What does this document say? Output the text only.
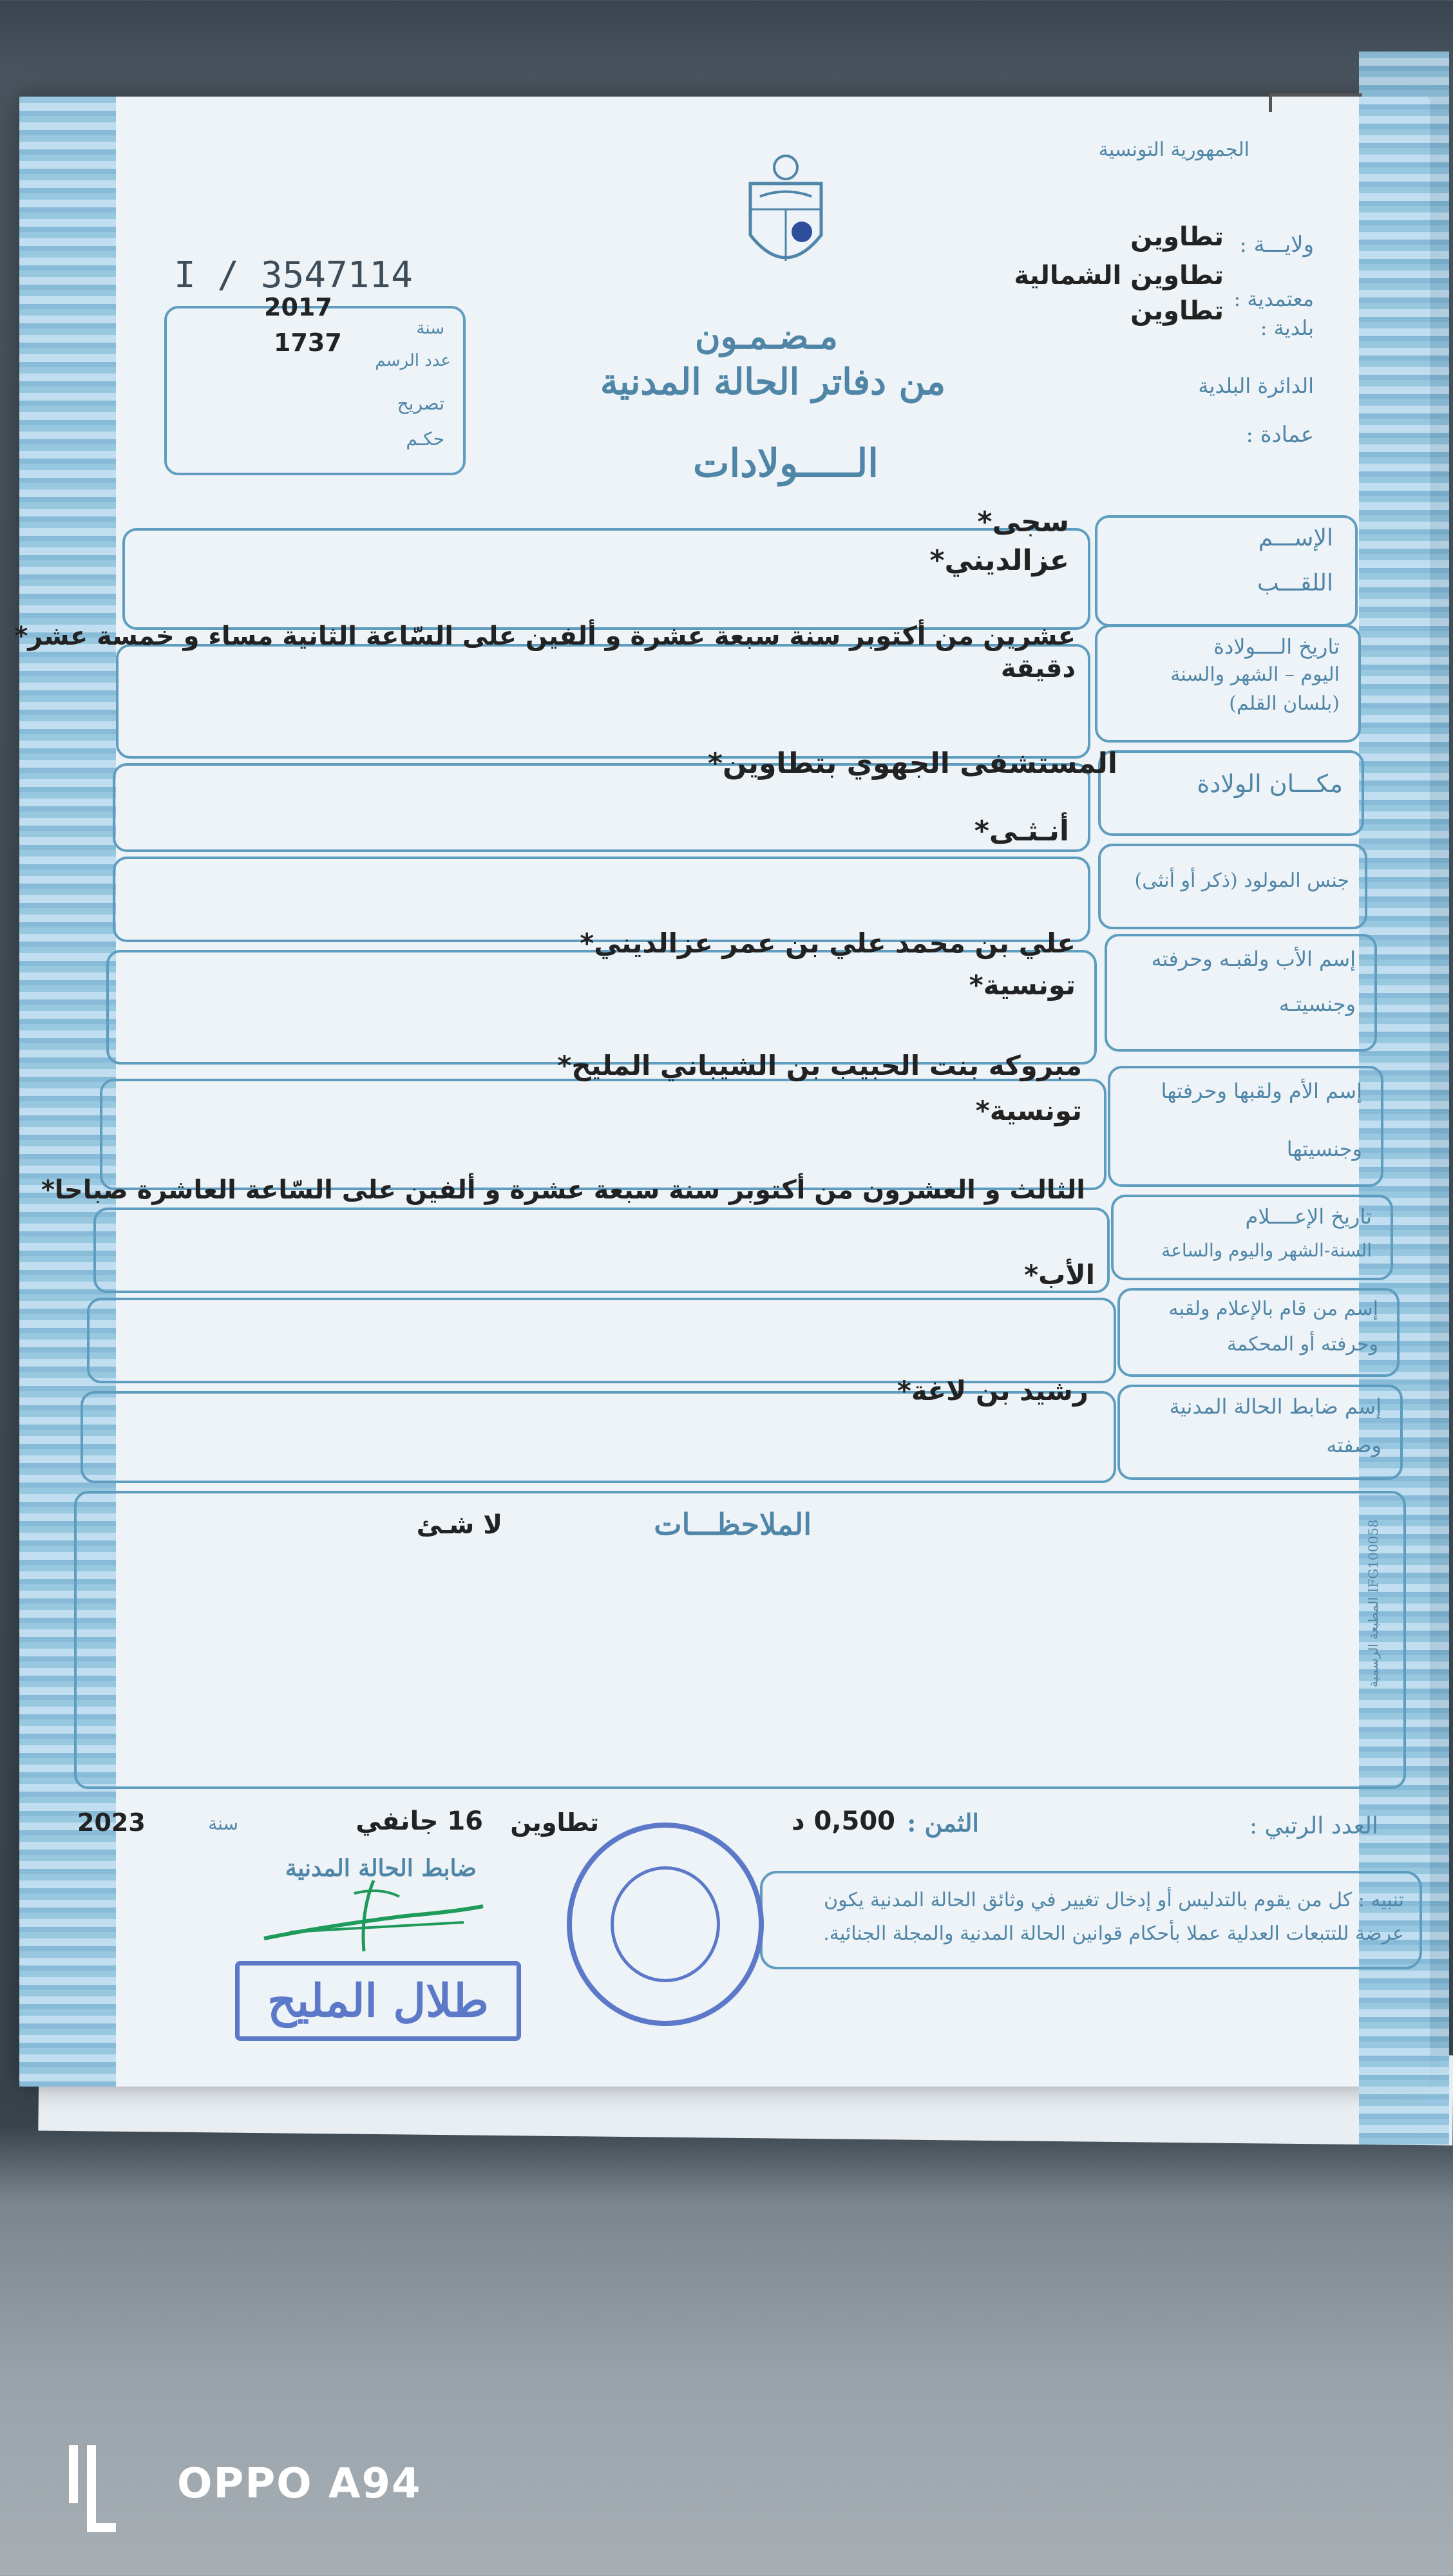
الجمهورية التونسية
ولايـــة :
تطاوين
معتمدية :
تطاوين الشمالية
بلدية :
تطاوين
الدائرة البلدية
عمادة :
مـضـمـون
من دفاتر الحالة المدنية
الـــــولادات
I / 3547114
2017
سنة
1737
عدد الرسم
تصريح
حكـم
الإســـم
اللقـــب
سجى*
عزالديني*
تاريخ الــــولادة
اليوم – الشهر والسنة
(بلسان القلم)
عشرين من أكتوبر سنة سبعة عشرة و ألفين على السّاعة الثانية مساء و خمسة عشر*
دقيقة
مكـــان الولادة
المستشفى الجهوي بتطاوين*
جنس المولود (ذكر أو أنثى)
أنـثـى*
إسم الأب ولقبـه وحرفته
وجنسيتـه
علي بن محمد علي بن عمر عزالديني*
تونسية*
إسم الأم ولقبها وحرفتها
وجنسيتها
مبروكه بنت الحبيب بن الشيباني المليح*
تونسية*
تاريخ الإعــــلام
السنة-الشهر واليوم والساعة
الثالث و العشرون من أكتوبر سنة سبعة عشرة و ألفين على السّاعة العاشرة صباحا*
إسم من قام بالإعلام ولقبه
وحرفته أو المحكمة
الأب*
إسم ضابط الحالة المدنية
وصفته
رشيد بن لاغة*
الملاحظـــات
لا شـئ
المطبعة الرسمية IFG100058
العدد الرتبي :
الثمن :
0,500 د
تطاوين
16 جانفي
سنة
2023
ضابط الحالة المدنية
تنبيه : كل من يقوم بالتدليس أو إدخال تغيير في وثائق الحالة المدنية يكون عرضة للتتبعات العدلية عملا بأحكام قوانين الحالة المدنية والمجلة الجنائية.
طلال المليح
OPPO A94
